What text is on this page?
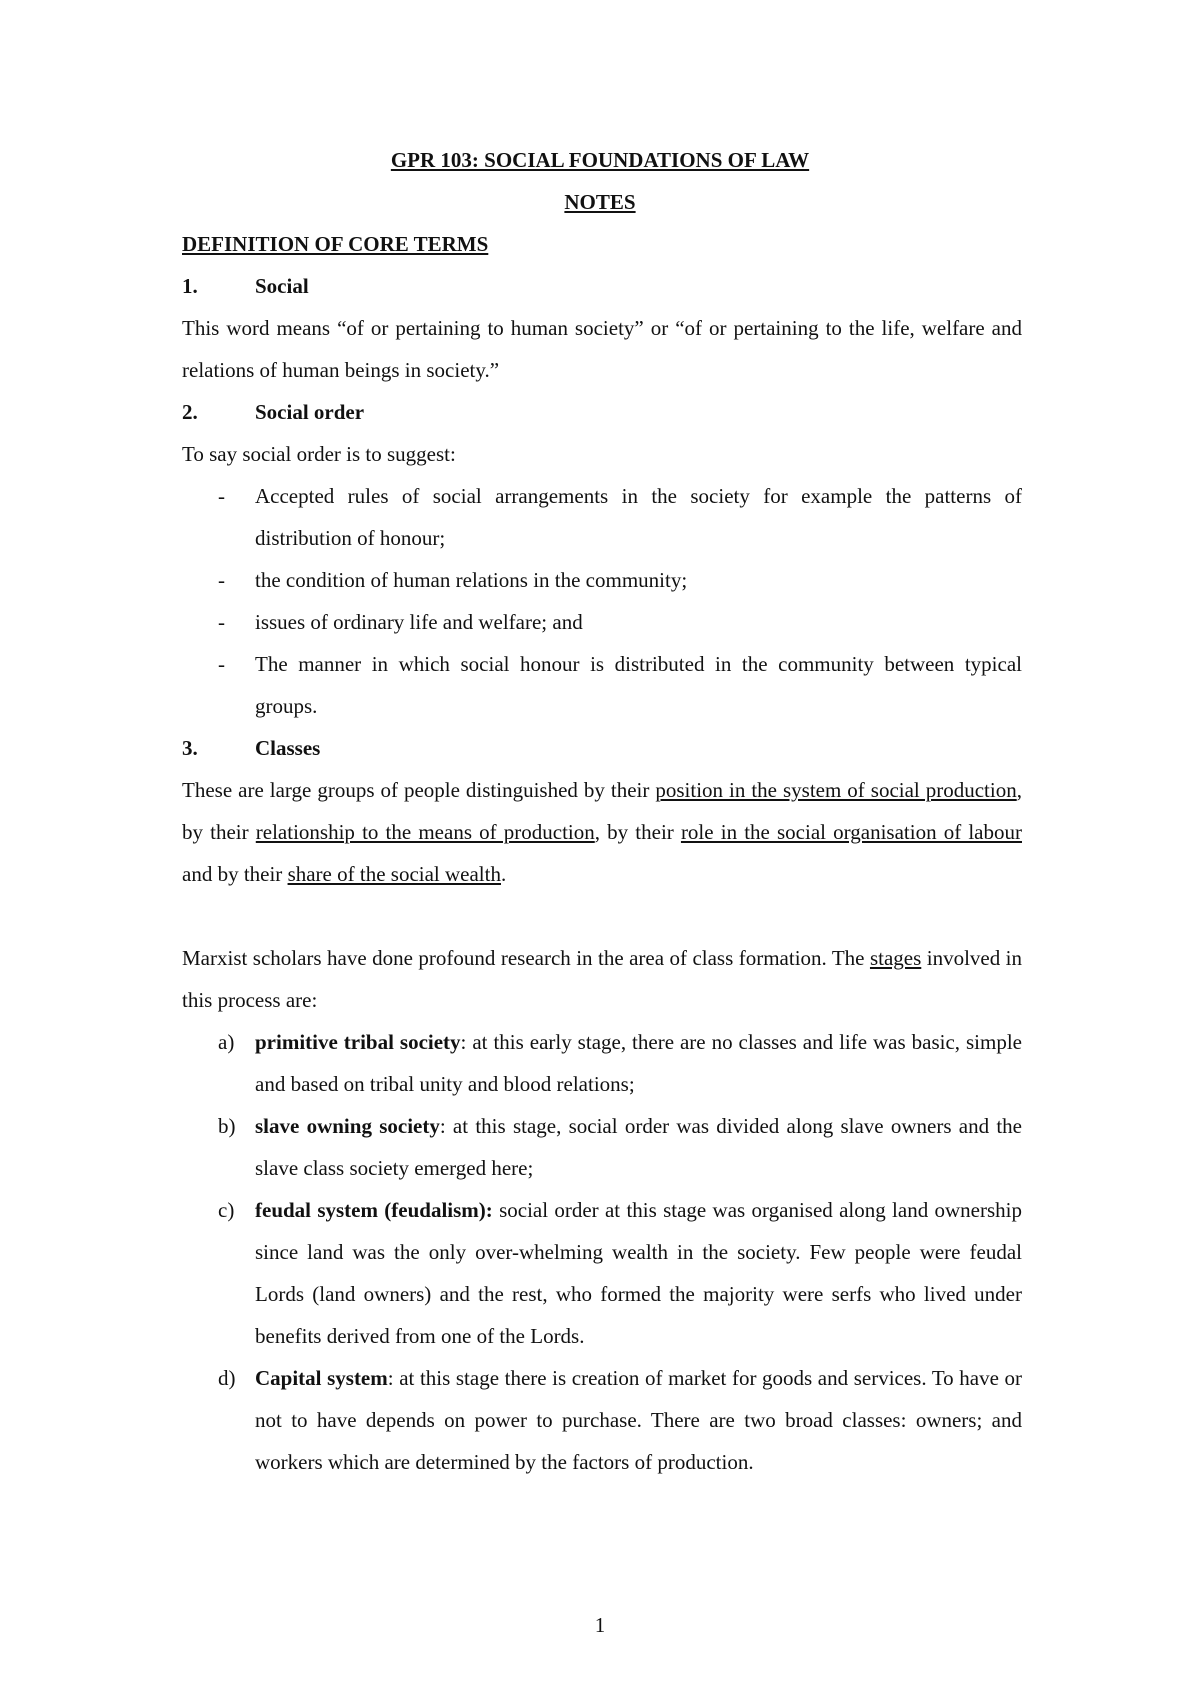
GPR 103: SOCIAL FOUNDATIONS OF LAW
NOTES
DEFINITION OF CORE TERMS
1.	Social
This word means “of or pertaining to human society” or “of or pertaining to the life, welfare and relations of human beings in society.”
2.	Social order
To say social order is to suggest:
- Accepted rules of social arrangements in the society for example the patterns of distribution of honour;
- the condition of human relations in the community;
- issues of ordinary life and welfare; and
- The manner in which social honour is distributed in the community between typical groups.
3.	Classes
These are large groups of people distinguished by their position in the system of social production, by their relationship to the means of production, by their role in the social organisation of labour and by their share of the social wealth.
Marxist scholars have done profound research in the area of class formation. The stages involved in this process are:
a) primitive tribal society: at this early stage, there are no classes and life was basic, simple and based on tribal unity and blood relations;
b) slave owning society: at this stage, social order was divided along slave owners and the slave class society emerged here;
c) feudal system (feudalism): social order at this stage was organised along land ownership since land was the only over-whelming wealth in the society. Few people were feudal Lords (land owners) and the rest, who formed the majority were serfs who lived under benefits derived from one of the Lords.
d) Capital system: at this stage there is creation of market for goods and services. To have or not to have depends on power to purchase. There are two broad classes: owners; and workers which are determined by the factors of production.
1
